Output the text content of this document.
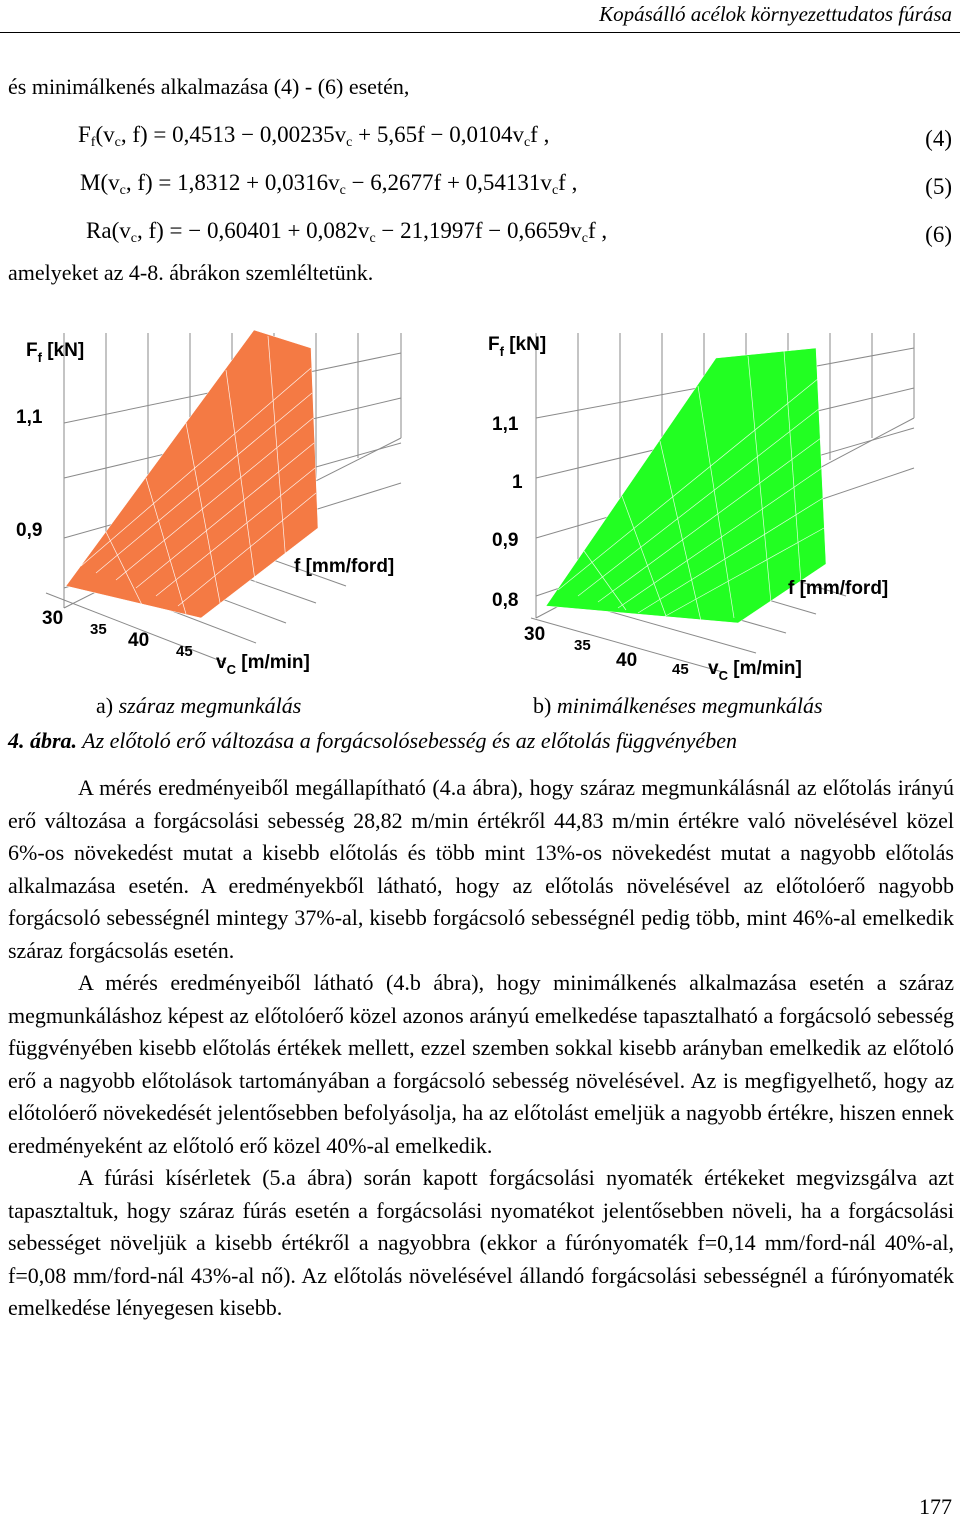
Kopásálló acélok környezettudatos fúrása
és minimálkenés alkalmazása (4) - (6) esetén,
$F_f(v_c$, $f) = 0,4513 - 0,00235v_c + 5,65f - 0,0104v_cf$ ,	(4)
$M(v_c$, $f) = 1,8312 + 0,0316v_c - 6,2677f + 0,54131v_cf$ ,	(5)
$Ra(v_c$, f) = − $0,60401 + 0,082v_c - 21,1997f - 0,6659v_cf$ ,	(6)
amelyeket az 4-8. ábrákon szemléltetünk.
$F_f$ [kN]
1,1
0,9
f [mm/ford]
30
35
40
45
$v_C$ [m/min]
$F_f$ [kN]
1,1
1
0,9
0,8
f [mm/ford]
30
35
40 45 $v_C$ [m/min]
a) száraz megmunkálás	b) minimálkenéses megmunkálás
4. ábra. Az előtoló erő változása a forgácsolósebesség és az előtolás függvényében

A mérés eredményeiből megállapítható (4.a ábra), hogy száraz megmunkálásnál az előtolás irányú erő változása a forgácsolási sebesség 28,82 m/min értékről 44,83 m/min értékre való növelésével közel 6%-os növekedést mutat a kisebb előtolás és több mint 13%-os növekedést mutat a nagyobb előtolás alkalmazása esetén. A eredményekből látható, hogy az előtolás növelésével az előtolóerő nagyobb forgácsoló sebességnél mintegy 37%-al, kisebb forgácsoló sebességnél pedig több, mint 46%-al emelkedik száraz forgácsolás esetén.

A mérés eredményeiből látható (4.b ábra), hogy minimálkenés alkalmazása esetén a száraz megmunkáláshoz képest az előtolóerő közel azonos arányú emelkedése tapasztalható a forgácsoló sebesség függvényében kisebb előtolás értékek mellett, ezzel szemben sokkal kisebb arányban emelkedik az előtoló erő a nagyobb előtolások tartományában a forgácsoló sebesség növelésével. Az is megfigyelhető, hogy az előtolóerő növekedését jelentősebben befolyásolja, ha az előtolást emeljük a nagyobb értékre, hiszen ennek eredményeként az előtoló erő közel 40%-al emelkedik.

A fúrási kísérletek (5.a ábra) során kapott forgácsolási nyomaték értékeket megvizsgálva azt tapasztaltuk, hogy száraz fúrás esetén a forgácsolási nyomatékot jelentősebben növeli, ha a forgácsolási sebességet növeljük a kisebb értékről a nagyobbra (ekkor a fúrónyomaték f=0,14 mm/ford-nál 40%-al, f=0,08 mm/ford-nál 43%-al nő). Az előtolás növelésével állandó forgácsolási sebességnél a fúrónyomaték emelkedése lényegesen kisebb.

177
